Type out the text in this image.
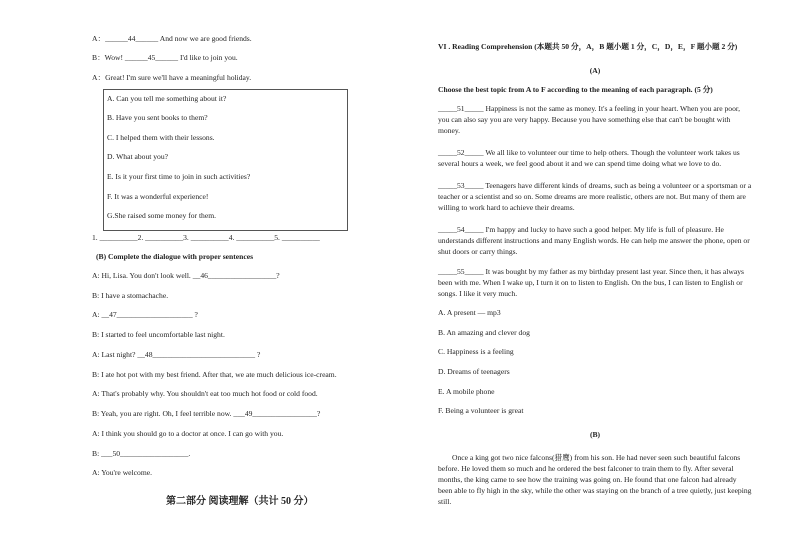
A：______44______ And now we are good friends.
B：Wow! ______45______ I'd like to join you.
A：Great! I'm sure we'll have a meaningful holiday.
A. Can you tell me something about it?
B. Have you sent books to them?
C. I helped them with their lessons.
D. What about you?
E. Is it your first time to join in such activities?
F. It was a wonderful experience!
G.She raised some money for them.
1. __________2. __________3. __________4. __________5. __________
(B) Complete the dialogue with proper sentences
A: Hi, Lisa. You don't look well. __46__________________?
B: I have a stomachache.
A: __47____________________ ?
B: I started to feel uncomfortable last night.
A: Last night? __48___________________________ ?
B: I ate hot pot with my best friend. After that, we ate much delicious ice-cream.
A: That's probably why. You shouldn't eat too much hot food or cold food.
B: Yeah, you are right. Oh, I feel terrible now. ___49_________________?
A: I think you should go to a doctor at once. I can go with you.
B: ___50__________________.
A: You're welcome.
第二部分 阅读理解（共计 50 分）
VI . Reading Comprehension (本题共 50 分，A，B 题小题 1 分，C，D，E，F 题小题 2 分)
(A)
Choose the best topic from A to F according to the meaning of each paragraph. (5 分)
_____51_____ Happiness is not the same as money. It's a feeling in your heart. When you are poor, you can also say you are very happy. Because you have something else that can't be bought with money.
_____52_____ We all like to volunteer our time to help others. Though the volunteer work takes us several hours a week, we feel good about it and we can spend time doing what we love to do.
_____53_____ Teenagers have different kinds of dreams, such as being a volunteer or a sportsman or a teacher or a scientist and so on. Some dreams are more realistic, others are not. But many of them are willing to work hard to achieve their dreams.
_____54_____ I'm happy and lucky to have such a good helper. My life is full of pleasure. He understands different instructions and many English words. He can help me answer the phone, open or shut doors or carry things.
_____55_____ It was bought by my father as my birthday present last year. Since then, it has always been with me. When I wake up, I turn it on to listen to English. On the bus, I can listen to English or songs. I like it very much.
A. A present — mp3
B. An amazing and clever dog
C. Happiness is a feeling
D. Dreams of teenagers
E. A mobile phone
F. Being a volunteer is great
(B)
Once a king got two nice falcons(猎鹰) from his son. He had never seen such beautiful falcons before. He loved them so much and he ordered the best falconer to train them to fly. After several months, the king came to see how the training was going on. He found that one falcon had already been able to fly high in the sky, while the other was staying on the branch of a tree quietly, just keeping still.
